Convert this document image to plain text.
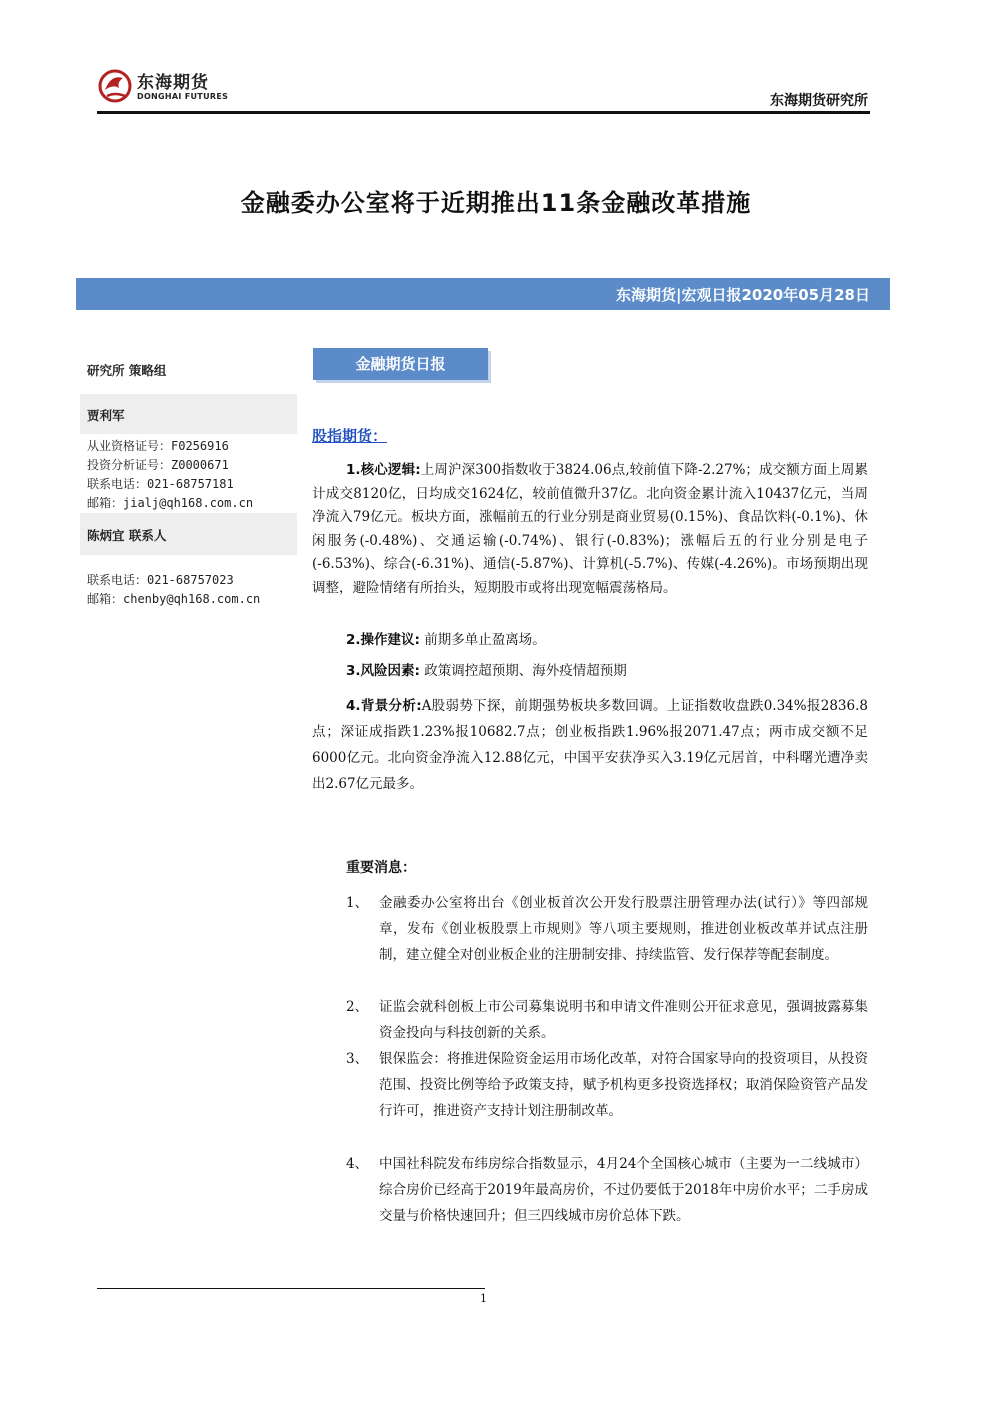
东海期货
DONGHAI FUTURES	东海期货研究所
金融委办公室将于近期推出11条金融改革措施
东海期货|宏观日报2020年05月28日
研究所 策略组
贾利军
从业资格证号：F0256916
投资分析证号：Z0000671
联系电话：021-68757181
邮箱：jialj@qh168.com.cn
陈炳宜 联系人
联系电话：021-68757023
邮箱：chenby@qh168.com.cn
金融期货日报
股指期货：
1.核心逻辑:上周沪深300指数收于3824.06点,较前值下降-2.27%；成交额方面上周累计成交8120亿，日均成交1624亿，较前值微升37亿。北向资金累计流入10437亿元，当周净流入79亿元。板块方面，涨幅前五的行业分别是商业贸易(0.15%)、食品饮料(-0.1%)、休闲服务(-0.48%)、交通运输(-0.74%)、银行(-0.83%)；涨幅后五的行业分别是电子(-6.53%)、综合(-6.31%)、通信(-5.87%)、计算机(-5.7%)、传媒(-4.26%)。市场预期出现调整，避险情绪有所抬头，短期股市或将出现宽幅震荡格局。
2.操作建议: 前期多单止盈离场。
3.风险因素: 政策调控超预期、海外疫情超预期
4.背景分析:A股弱势下探，前期强势板块多数回调。上证指数收盘跌0.34%报2836.8点；深证成指跌1.23%报10682.7点；创业板指跌1.96%报2071.47点；两市成交额不足6000亿元。北向资金净流入12.88亿元，中国平安获净买入3.19亿元居首，中科曙光遭净卖出2.67亿元最多。
重要消息：
1、 金融委办公室将出台《创业板首次公开发行股票注册管理办法(试行）》等四部规章，发布《创业板股票上市规则》等八项主要规则，推进创业板改革并试点注册制，建立健全对创业板企业的注册制安排、持续监管、发行保荐等配套制度。
2、 证监会就科创板上市公司募集说明书和申请文件准则公开征求意见，强调披露募集资金投向与科技创新的关系。
3、 银保监会：将推进保险资金运用市场化改革，对符合国家导向的投资项目，从投资范围、投资比例等给予政策支持，赋予机构更多投资选择权；取消保险资管产品发行许可，推进资产支持计划注册制改革。
4、 中国社科院发布纬房综合指数显示，4月24个全国核心城市（主要为一二线城市）综合房价已经高于2019年最高房价，不过仍要低于2018年中房价水平；二手房成交量与价格快速回升；但三四线城市房价总体下跌。
1
